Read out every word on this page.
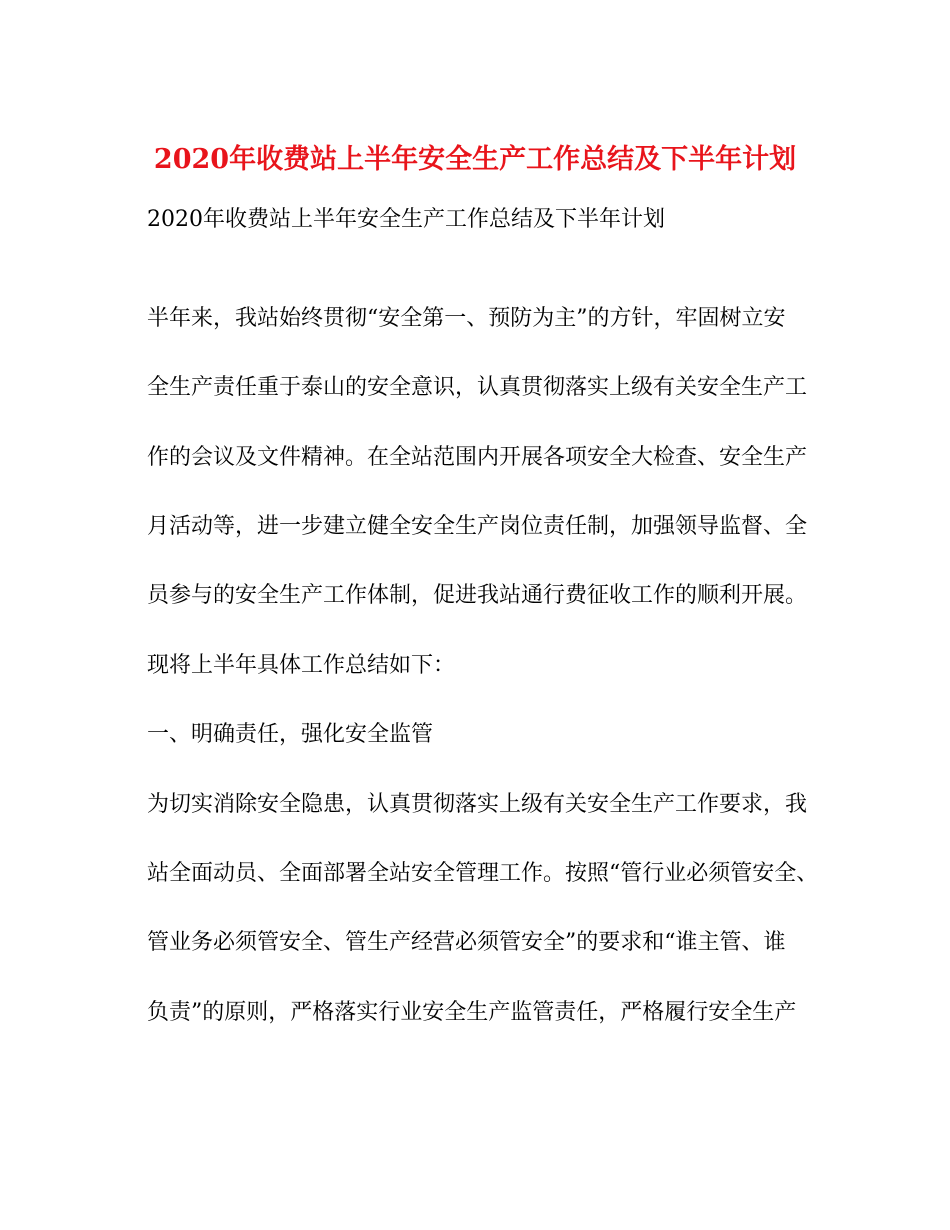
2020年收费站上半年安全生产工作总结及下半年计划
2020年收费站上半年安全生产工作总结及下半年计划
半年来，我站始终贯彻“安全第一、预防为主”的方针，牢固树立安
全生产责任重于泰山的安全意识，认真贯彻落实上级有关安全生产工
作的会议及文件精神。在全站范围内开展各项安全大检查、安全生产
月活动等，进一步建立健全安全生产岗位责任制，加强领导监督、全
员参与的安全生产工作体制，促进我站通行费征收工作的顺利开展。
现将上半年具体工作总结如下：
一、明确责任，强化安全监管
为切实消除安全隐患，认真贯彻落实上级有关安全生产工作要求，我
站全面动员、全面部署全站安全管理工作。按照“管行业必须管安全、
管业务必须管安全、管生产经营必须管安全”的要求和“谁主管、谁
负责”的原则，严格落实行业安全生产监管责任，严格履行安全生产
